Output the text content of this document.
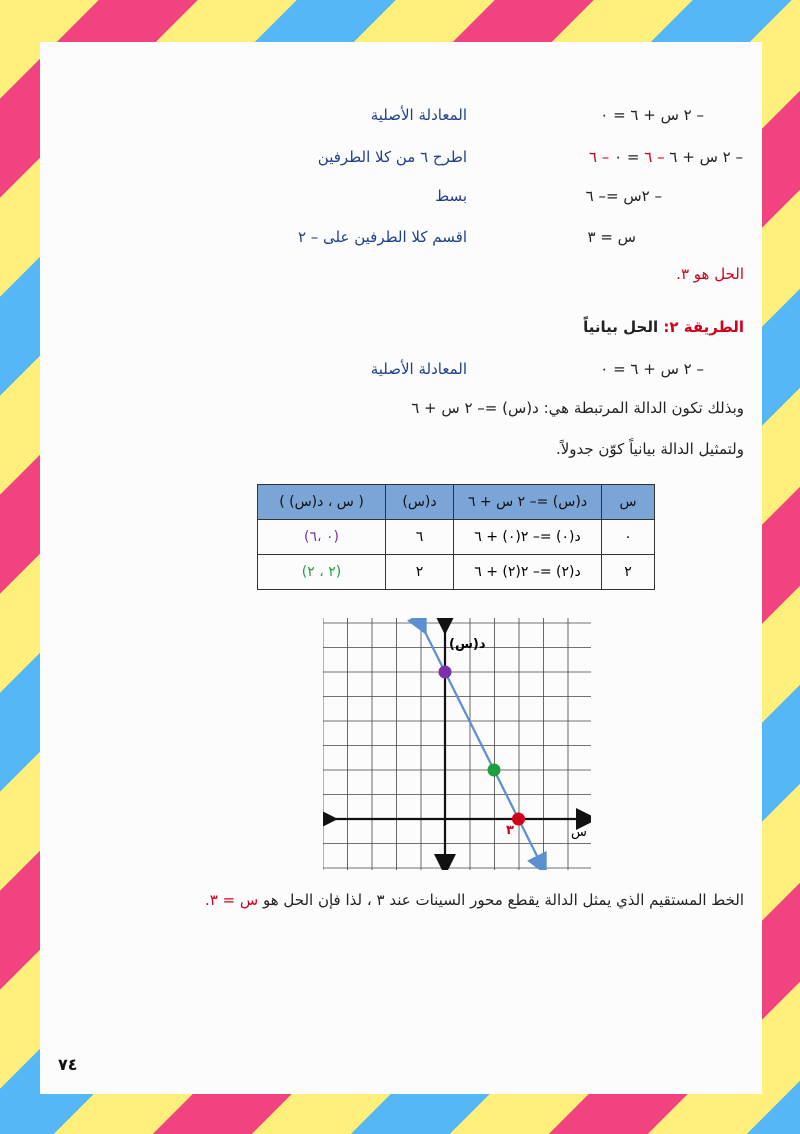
المعادلة الأصلية	– ٢ س + ٦ = ٠
اطرح ٦ من كلا الطرفين	– ٢ س + ٦ – ٦ = ٠ – ٦
بسط	– ٢س =– ٦
اقسم كلا الطرفين على – ٢	س = ٣
الحل هو ٣.
الطريقة ٢: الحل بيانياً
المعادلة الأصلية	– ٢ س + ٦ = ٠
وبذلك تكون الدالة المرتبطة هي: د(س) =– ٢ س + ٦
ولتمثيل الدالة بيانياً كوّن جدولاً.
س	د(س) =– ٢ س + ٦	د(س)	( س ، د(س) )
٠	د(٠) =– ٢(٠) + ٦	٦	(٠ ،٦)
٢	د(٢) =– ٢(٢) + ٦	٢	(٢ ، ٢)
د(س)
س
٣
الخط المستقيم الذي يمثل الدالة يقطع محور السينات عند ٣ ، لذا فإن الحل هو س = ٣.
٧٤
